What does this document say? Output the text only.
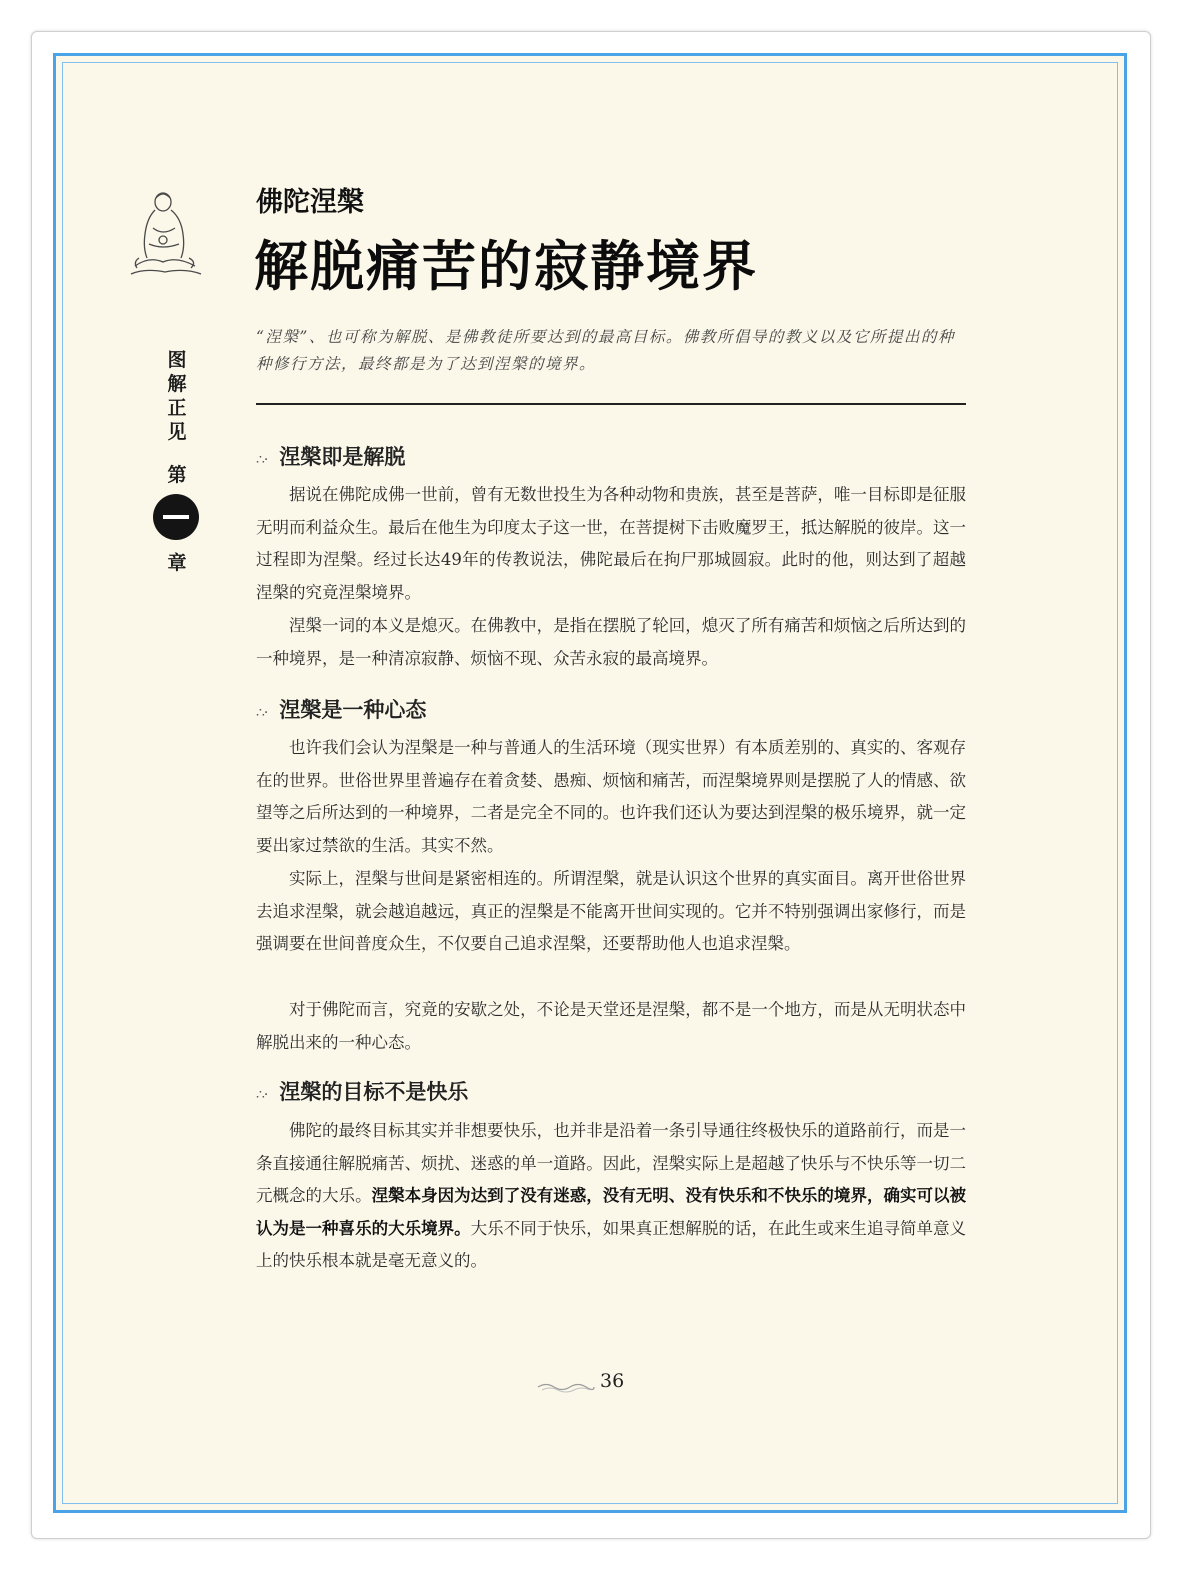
图
解
正
见
第
章
佛陀涅槃
解脱痛苦的寂静境界
“涅槃”、也可称为解脱、是佛教徒所要达到的最高目标。佛教所倡导的教义以及它所提出的种种修行方法，最终都是为了达到涅槃的境界。
∴· 涅槃即是解脱

据说在佛陀成佛一世前，曾有无数世投生为各种动物和贵族，甚至是菩萨，唯一目标即是征服无明而利益众生。最后在他生为印度太子这一世，在菩提树下击败魔罗王，抵达解脱的彼岸。这一过程即为涅槃。经过长达49年的传教说法，佛陀最后在拘尸那城圆寂。此时的他，则达到了超越涅槃的究竟涅槃境界。

涅槃一词的本义是熄灭。在佛教中，是指在摆脱了轮回，熄灭了所有痛苦和烦恼之后所达到的一种境界，是一种清凉寂静、烦恼不现、众苦永寂的最高境界。

∴· 涅槃是一种心态

也许我们会认为涅槃是一种与普通人的生活环境（现实世界）有本质差别的、真实的、客观存在的世界。世俗世界里普遍存在着贪婪、愚痴、烦恼和痛苦，而涅槃境界则是摆脱了人的情感、欲望等之后所达到的一种境界，二者是完全不同的。也许我们还认为要达到涅槃的极乐境界，就一定要出家过禁欲的生活。其实不然。

实际上，涅槃与世间是紧密相连的。所谓涅槃，就是认识这个世界的真实面目。离开世俗世界去追求涅槃，就会越追越远，真正的涅槃是不能离开世间实现的。它并不特别强调出家修行，而是强调要在世间普度众生，不仅要自己追求涅槃，还要帮助他人也追求涅槃。

对于佛陀而言，究竟的安歇之处，不论是天堂还是涅槃，都不是一个地方，而是从无明状态中解脱出来的一种心态。

∴· 涅槃的目标不是快乐

佛陀的最终目标其实并非想要快乐，也并非是沿着一条引导通往终极快乐的道路前行，而是一条直接通往解脱痛苦、烦扰、迷惑的单一道路。因此，涅槃实际上是超越了快乐与不快乐等一切二元概念的大乐。涅槃本身因为达到了没有迷惑，没有无明、没有快乐和不快乐的境界，确实可以被认为是一种喜乐的大乐境界。大乐不同于快乐，如果真正想解脱的话，在此生或来生追寻简单意义上的快乐根本就是毫无意义的。

36
